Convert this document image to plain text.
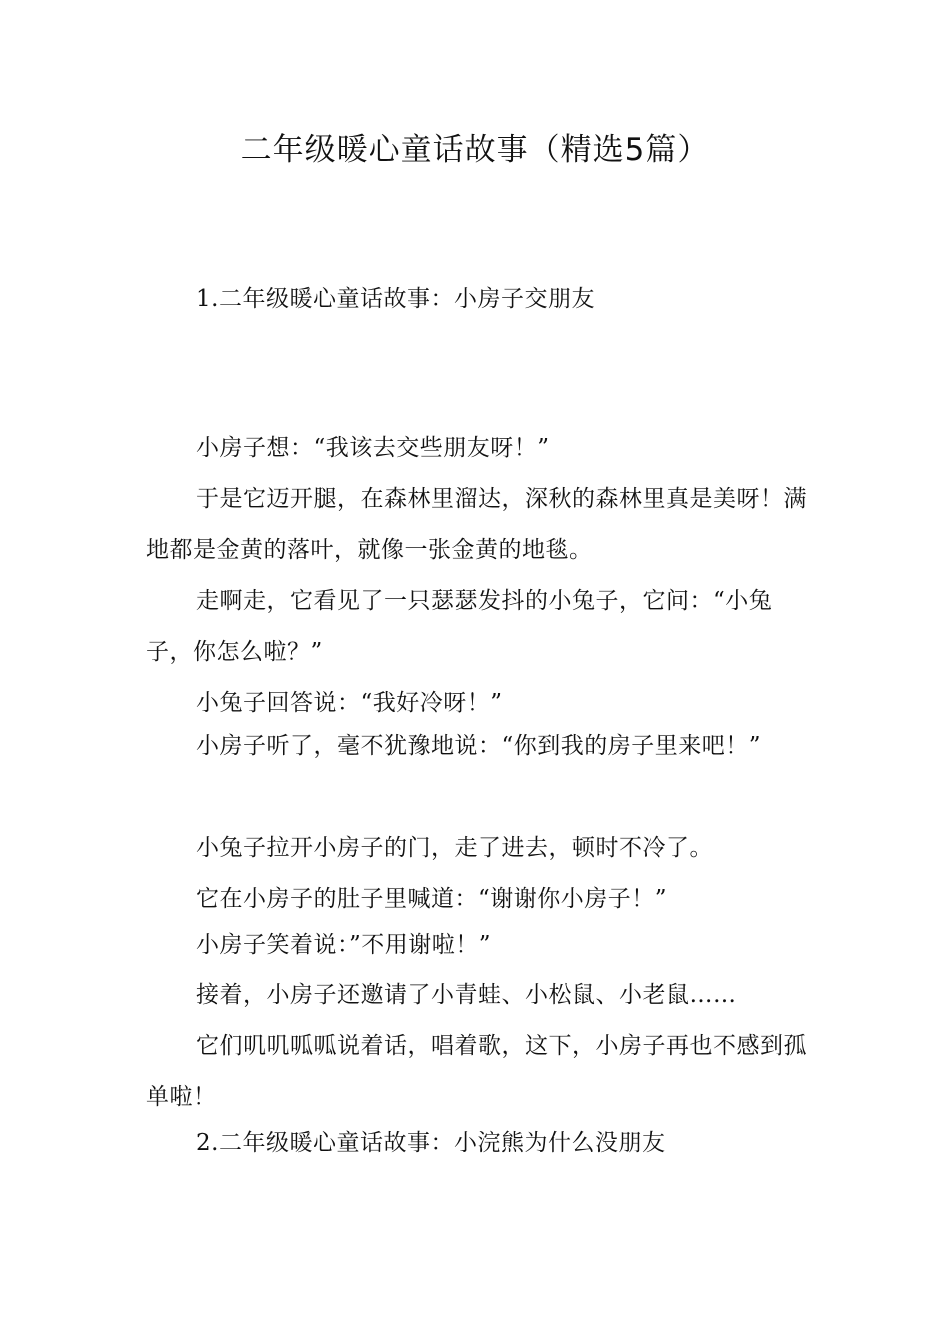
二年级暖心童话故事（精选5篇）

1.二年级暖心童话故事：小房子交朋友

小房子想：“我该去交些朋友呀！”

于是它迈开腿，在森林里溜达，深秋的森林里真是美呀！满地都是金黄的落叶，就像一张金黄的地毯。

走啊走，它看见了一只瑟瑟发抖的小兔子，它问：“小兔子，你怎么啦？”

小兔子回答说：“我好冷呀！”

小房子听了，毫不犹豫地说：“你到我的房子里来吧！”

小兔子拉开小房子的门，走了进去，顿时不冷了。

它在小房子的肚子里喊道：“谢谢你小房子！”

小房子笑着说：”不用谢啦！”

接着，小房子还邀请了小青蛙、小松鼠、小老鼠……

它们叽叽呱呱说着话，唱着歌，这下，小房子再也不感到孤单啦！

2.二年级暖心童话故事：小浣熊为什么没朋友
